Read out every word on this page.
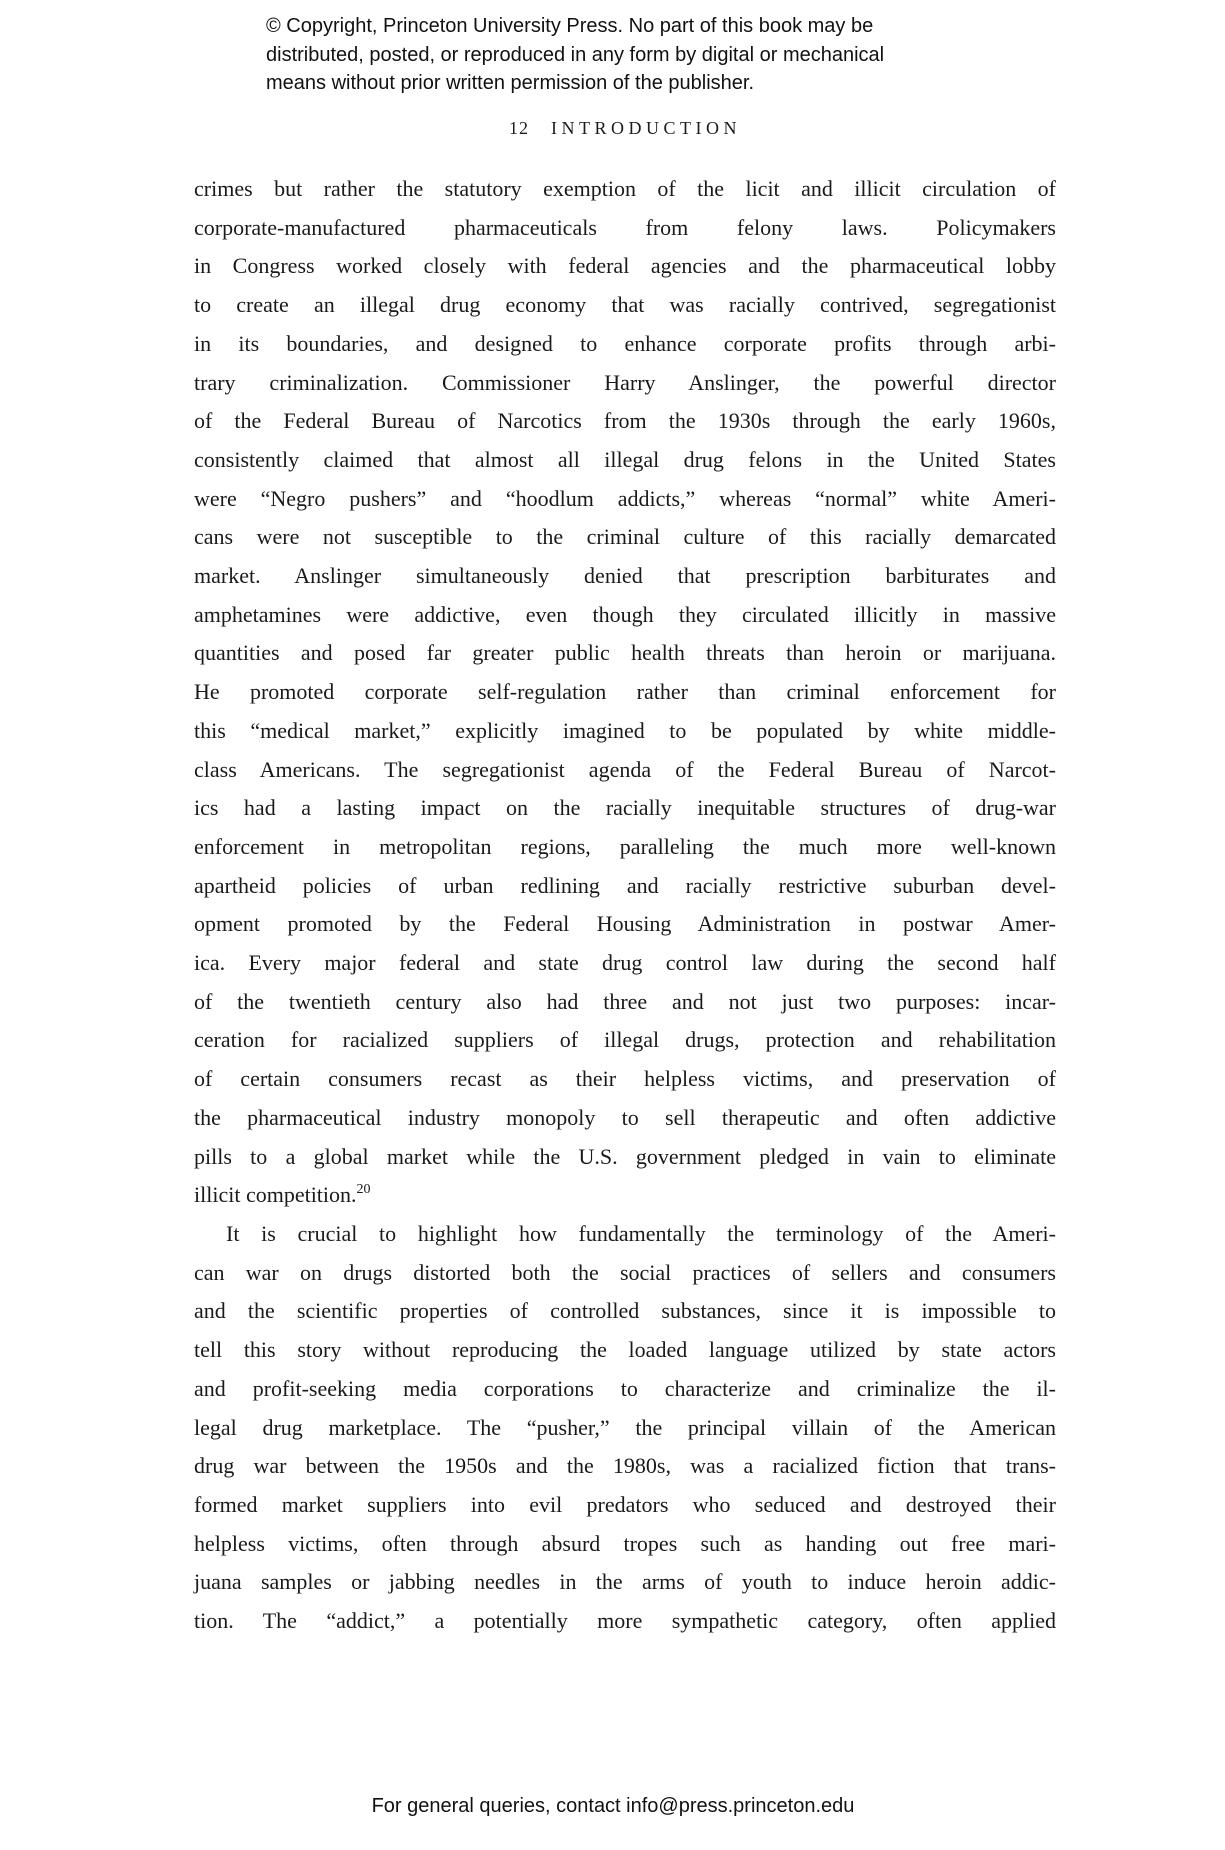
© Copyright, Princeton University Press. No part of this book may be
distributed, posted, or reproduced in any form by digital or mechanical
means without prior written permission of the publisher.
12 INTRODUCTION
crimes but rather the statutory exemption of the licit and illicit circulation of
corporate-manufactured pharmaceuticals from felony laws. Policymakers
in Congress worked closely with federal agencies and the pharmaceutical lobby
to create an illegal drug economy that was racially contrived, segregationist
in its boundaries, and designed to enhance corporate profits through arbi-
trary criminalization. Commissioner Harry Anslinger, the powerful director
of the Federal Bureau of Narcotics from the 1930s through the early 1960s,
consistently claimed that almost all illegal drug felons in the United States
were “Negro pushers” and “hoodlum addicts,” whereas “normal” white Ameri-
cans were not susceptible to the criminal culture of this racially demarcated
market. Anslinger simultaneously denied that prescription barbiturates and
amphetamines were addictive, even though they circulated illicitly in massive
quantities and posed far greater public health threats than heroin or marijuana.
He promoted corporate self-regulation rather than criminal enforcement for
this “medical market,” explicitly imagined to be populated by white middle-
class Americans. The segregationist agenda of the Federal Bureau of Narcot-
ics had a lasting impact on the racially inequitable structures of drug-war
enforcement in metropolitan regions, paralleling the much more well-known
apartheid policies of urban redlining and racially restrictive suburban devel-
opment promoted by the Federal Housing Administration in postwar Amer-
ica. Every major federal and state drug control law during the second half
of the twentieth century also had three and not just two purposes: incar-
ceration for racialized suppliers of illegal drugs, protection and rehabilitation
of certain consumers recast as their helpless victims, and preservation of
the pharmaceutical industry monopoly to sell therapeutic and often addictive
pills to a global market while the U.S. government pledged in vain to eliminate
illicit competition.$^{20}$
It is crucial to highlight how fundamentally the terminology of the Ameri-
can war on drugs distorted both the social practices of sellers and consumers
and the scientific properties of controlled substances, since it is impossible to
tell this story without reproducing the loaded language utilized by state actors
and profit-seeking media corporations to characterize and criminalize the il-
legal drug marketplace. The “pusher,” the principal villain of the American
drug war between the 1950s and the 1980s, was a racialized fiction that trans-
formed market suppliers into evil predators who seduced and destroyed their
helpless victims, often through absurd tropes such as handing out free mari-
juana samples or jabbing needles in the arms of youth to induce heroin addic-
tion. The “addict,” a potentially more sympathetic category, often applied
For general queries, contact info@press.princeton.edu
